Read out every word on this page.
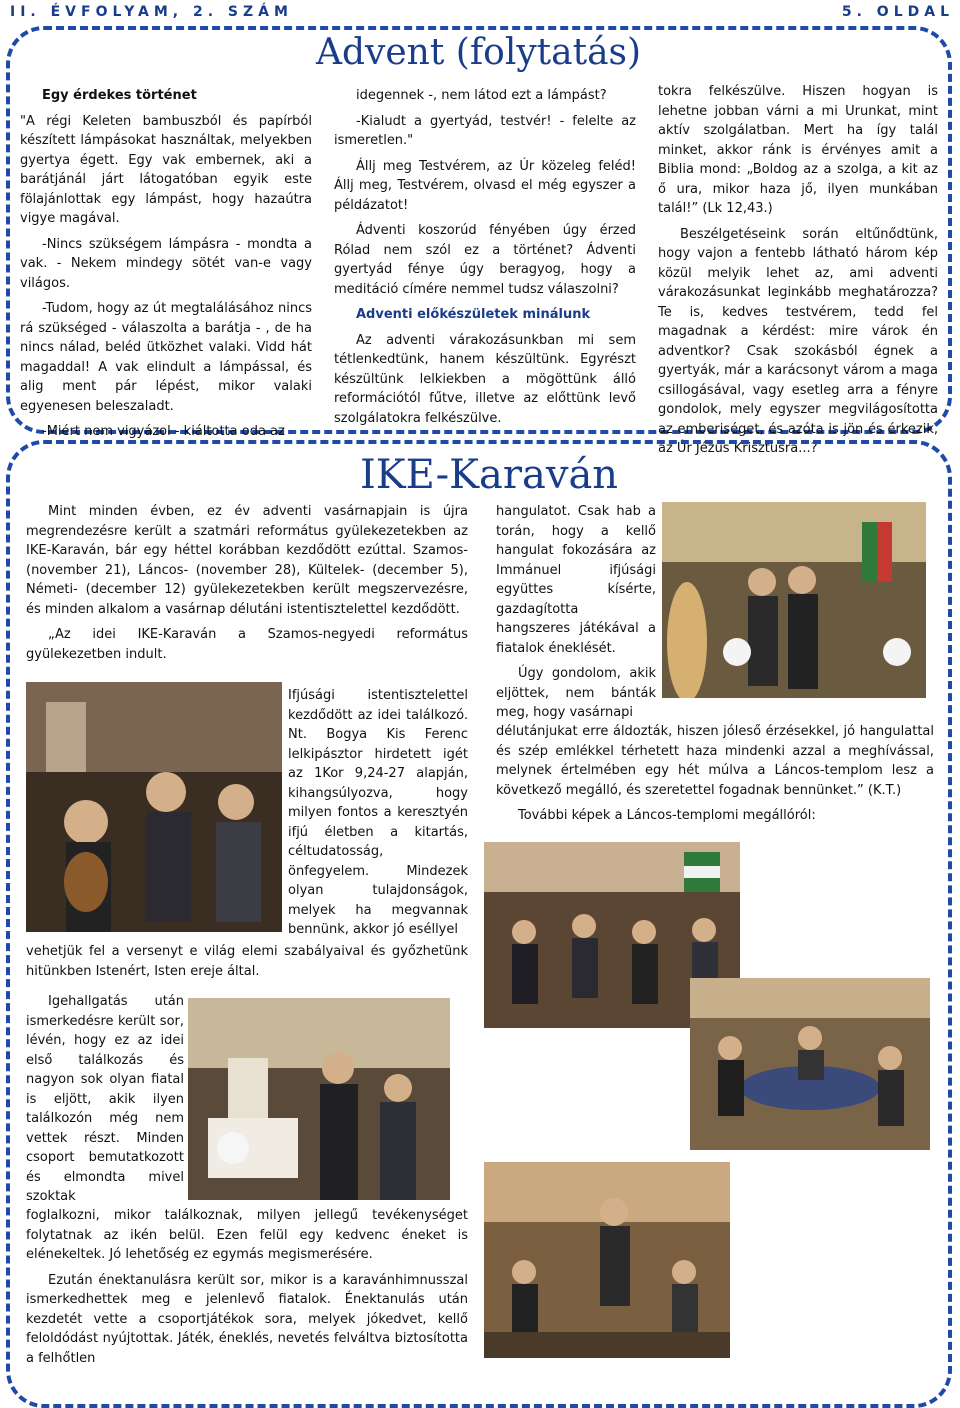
II. ÉVFOLYAM, 2. SZÁM	5. OLDAL
Advent (folytatás)

Egy érdekes történet

"A régi Keleten bambuszból és papírból készített lámpásokat használtak, melyekben gyertya égett. Egy vak embernek, aki a barátjánál járt látogatóban egyik este fölajánlottak egy lámpást, hogy hazaútra vigye magával.

-Nincs szükségem lámpásra - mondta a vak. - Nekem mindegy sötét van-e vagy világos.

-Tudom, hogy az út megtalálásához nincs rá szükséged - válaszolta a barátja - , de ha nincs nálad, beléd ütközhet valaki. Vidd hát magaddal! A vak elindult a lámpással, és alig ment pár lépést, mikor valaki egyenesen beleszaladt.

-Miért nem vigyázol - kiáltotta oda az

idegennek -, nem látod ezt a lámpást?

-Kialudt a gyertyád, testvér! - felelte az ismeretlen."

Állj meg Testvérem, az Úr közeleg feléd! Állj meg, Testvérem, olvasd el még egyszer a példázatot!

Ádventi koszorúd fényében úgy érzed Rólad nem szól ez a történet? Ádventi gyertyád fénye úgy beragyog, hogy a meditáció címére nemmel tudsz válaszolni?

Adventi előkészületek minálunk

Az adventi várakozásunkban mi sem tétlenkedtünk, hanem készültünk. Egyrészt készültünk lelkiekben a mögöttünk álló reformációtól fűtve, illetve az előttünk levő szolgálatokra felkészülve.

tokra felkészülve. Hiszen hogyan is lehetne jobban várni a mi Urunkat, mint aktív szolgálatban. Mert ha így talál minket, akkor ránk is érvényes amit a Biblia mond: „Boldog az a szolga, a kit az ő ura, mikor haza jő, ilyen munkában talál!” (Lk 12,43.)

Beszélgetéseink során eltűnődtünk, hogy vajon a fentebb látható három kép közül melyik lehet az, ami adventi várakozásunkat leginkább meghatározza? Te is, kedves testvérem, tedd fel magadnak a kérdést: mire várok én adventkor? Csak szokásból égnek a gyertyák, már a karácsonyt várom a maga csillogásával, vagy esetleg arra a fényre gondolok, mely egyszer megvilágosította az emberiséget, és azóta is jön és érkezik, az Úr Jézus Krisztusra...?

IKE-Karaván

Mint minden évben, ez év adventi vasárnapjain is újra megrendezésre került a szatmári református gyülekezetekben az IKE-Karaván, bár egy héttel korábban kezdődött ezúttal. Szamos- (november 21), Láncos- (november 28), Kültelek- (december 5), Németi- (december 12) gyülekezetekben került megszervezésre, és minden alkalom a vasárnap délutáni istentisztelettel kezdődött.

„Az idei IKE-Karaván a Szamos-negyedi református gyülekezetben indult.

Ifjúsági istentisztelettel kezdődött az idei találkozó. Nt. Bogya Kis Ferenc lelkipásztor hirdetett igét az 1Kor 9,24-27 alapján, kihangsúlyozva, hogy milyen fontos a keresztyén ifjú életben a kitartás, céltudatosság, önfegyelem. Mindezek olyan tulajdonságok, melyek ha megvannak bennünk, akkor jó eséllyel

vehetjük fel a versenyt e világ elemi szabályaival és győzhetünk hitünkben Istenért, Isten ereje által.

Igehallgatás után ismerkedésre került sor, lévén, hogy ez az idei első találkozás és nagyon sok olyan fiatal is eljött, akik ilyen találkozón még nem vettek részt. Minden csoport bemutatkozott és elmondta mivel szoktak

foglalkozni, mikor találkoznak, milyen jellegű tevékenységet folytatnak az ikén belül. Ezen felül egy kedvenc éneket is elénekeltek. Jó lehetőség ez egymás megismerésére.

Ezután énektanulásra került sor, mikor is a karavánhimnusszal ismerkedhettek meg e jelenlevő fiatalok. Énektanulás után kezdetét vette a csoportjátékok sora, melyek jókedvet, kellő feloldódást nyújtottak. Játék, éneklés, nevetés felváltva biztosította a felhőtlen

hangulatot. Csak hab a torán, hogy a kellő hangulat fokozására az Immánuel ifjúsági együttes kísérte, gazdagította hangszeres játékával a fiatalok éneklését.

Úgy gondolom, akik eljöttek, nem bánták meg, hogy vasárnapi

délutánjukat erre áldozták, hiszen jóleső érzésekkel, jó hangulattal és szép emlékkel térhetett haza mindenki azzal a meghívással, melynek értelmében egy hét múlva a Láncos-templom lesz a következő megálló, és szeretettel fogadnak bennünket.” (K.T.)

További képek a Láncos-templomi megállóról:
